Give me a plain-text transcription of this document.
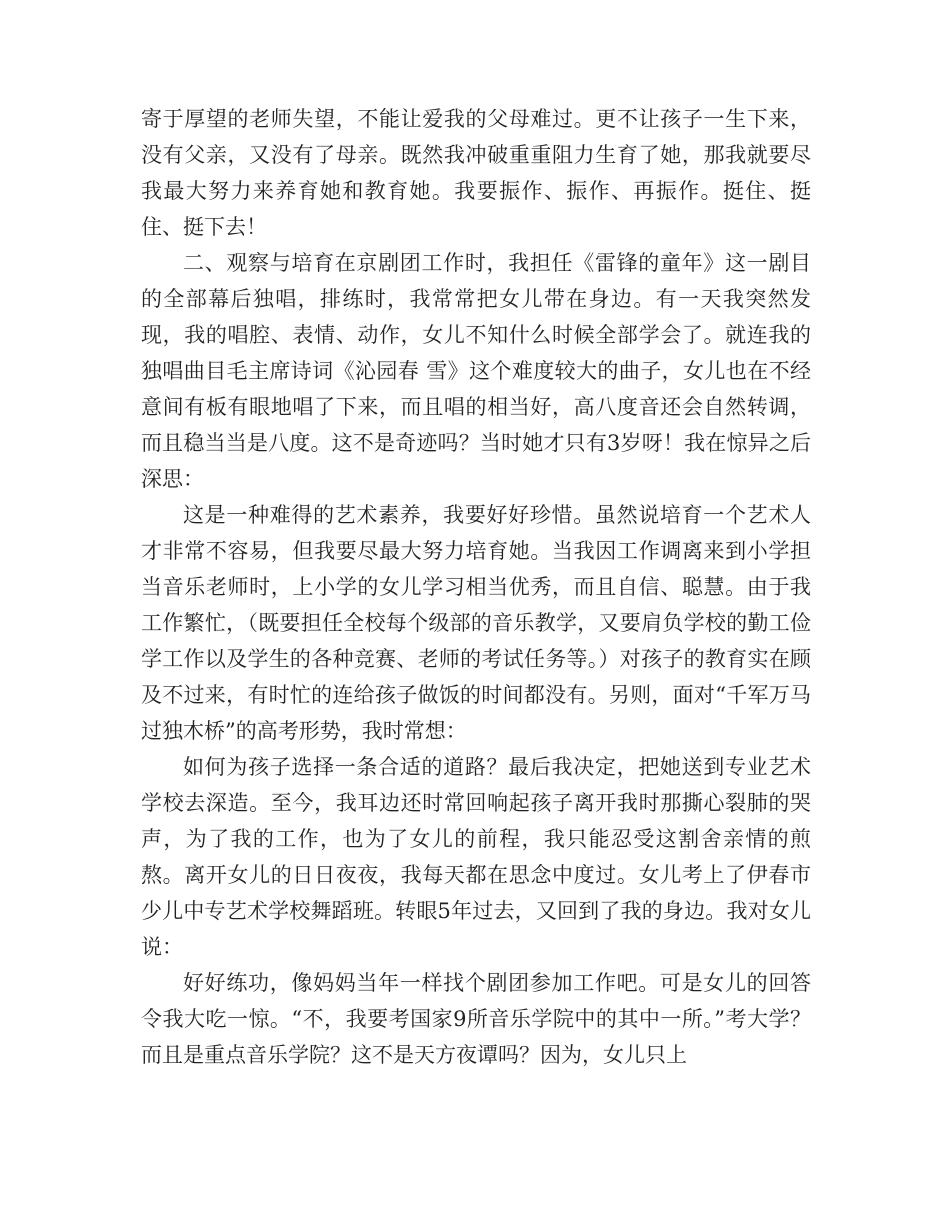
寄于厚望的老师失望，不能让爱我的父母难过。更不让孩子一生下来，没有父亲，又没有了母亲。既然我冲破重重阻力生育了她，那我就要尽我最大努力来养育她和教育她。我要振作、振作、再振作。挺住、挺住、挺下去！

二、观察与培育在京剧团工作时，我担任《雷锋的童年》这一剧目的全部幕后独唱，排练时，我常常把女儿带在身边。有一天我突然发现，我的唱腔、表情、动作，女儿不知什么时候全部学会了。就连我的独唱曲目毛主席诗词《沁园春 雪》这个难度较大的曲子，女儿也在不经意间有板有眼地唱了下来，而且唱的相当好，高八度音还会自然转调，而且稳当当是八度。这不是奇迹吗？当时她才只有3岁呀！我在惊异之后深思：

这是一种难得的艺术素养，我要好好珍惜。虽然说培育一个艺术人才非常不容易，但我要尽最大努力培育她。当我因工作调离来到小学担当音乐老师时，上小学的女儿学习相当优秀，而且自信、聪慧。由于我工作繁忙，（既要担任全校每个级部的音乐教学，又要肩负学校的勤工俭学工作以及学生的各种竞赛、老师的考试任务等。）对孩子的教育实在顾及不过来，有时忙的连给孩子做饭的时间都没有。另则，面对“千军万马过独木桥”的高考形势，我时常想：

如何为孩子选择一条合适的道路？最后我决定，把她送到专业艺术学校去深造。至今，我耳边还时常回响起孩子离开我时那撕心裂肺的哭声，为了我的工作，也为了女儿的前程，我只能忍受这割舍亲情的煎熬。离开女儿的日日夜夜，我每天都在思念中度过。女儿考上了伊春市少儿中专艺术学校舞蹈班。转眼5年过去，又回到了我的身边。我对女儿说：

好好练功，像妈妈当年一样找个剧团参加工作吧。可是女儿的回答令我大吃一惊。“不，我要考国家9所音乐学院中的其中一所。”考大学？而且是重点音乐学院？这不是天方夜谭吗？因为，女儿只上
